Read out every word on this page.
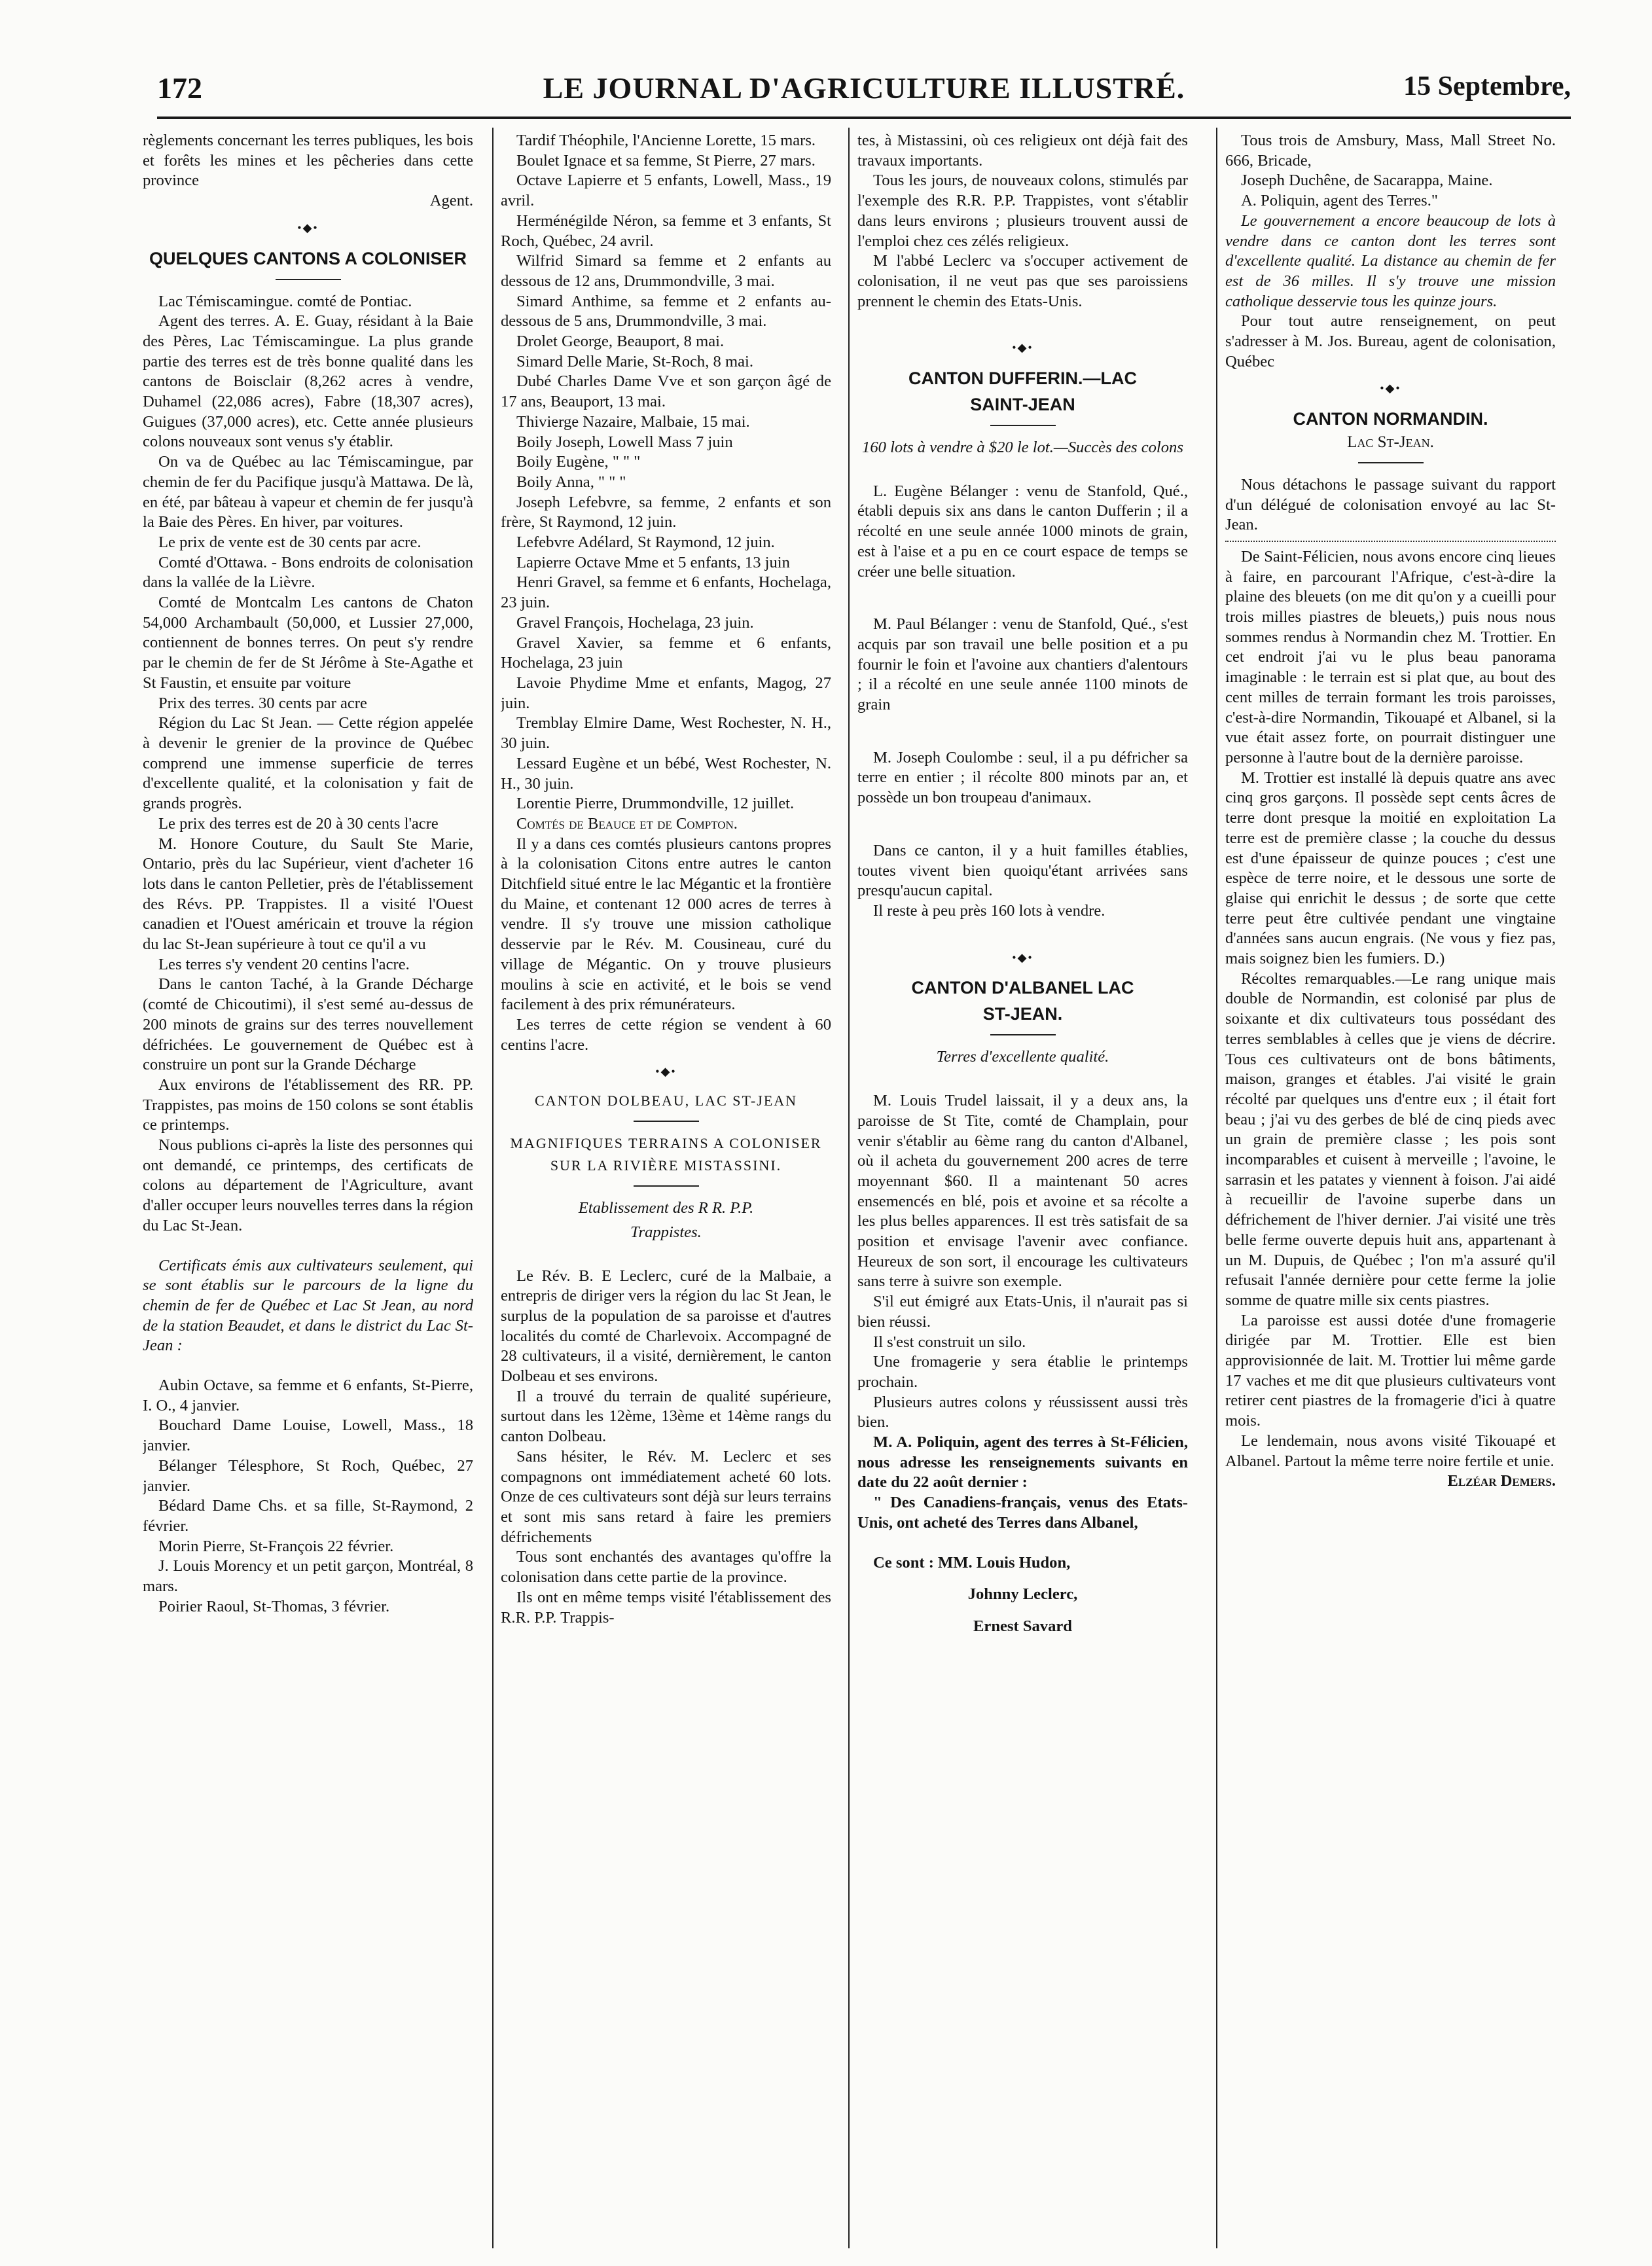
172	LE JOURNAL D'AGRICULTURE ILLUSTRÉ.	15 Septembre,

règlements concernant les terres publiques, les bois et forêts les mines et les pêcheries dans cette province

Agent.

•◆•
QUELQUES CANTONS A COLONISER

Lac Témiscamingue. comté de Pontiac.

Agent des terres. A. E. Guay, résidant à la Baie des Pères, Lac Témiscamingue. La plus grande partie des terres est de très bonne qualité dans les cantons de Boisclair (8,262 acres à vendre, Duhamel (22,086 acres), Fabre (18,307 acres), Guigues (37,000 acres), etc. Cette année plusieurs colons nouveaux sont venus s'y établir.

On va de Québec au lac Témiscamingue, par chemin de fer du Pacifique jusqu'à Mattawa. De là, en été, par bâteau à vapeur et chemin de fer jusqu'à la Baie des Pères. En hiver, par voitures.

Le prix de vente est de 30 cents par acre.

Comté d'Ottawa. - Bons endroits de colonisation dans la vallée de la Lièvre.

Comté de Montcalm Les cantons de Chaton 54,000 Archambault (50,000, et Lussier 27,000, contiennent de bonnes terres. On peut s'y rendre par le chemin de fer de St Jérôme à Ste-Agathe et St Faustin, et ensuite par voiture

Prix des terres. 30 cents par acre

Région du Lac St Jean. — Cette région appelée à devenir le grenier de la province de Québec comprend une immense superficie de terres d'excellente qualité, et la colonisation y fait de grands progrès.

Le prix des terres est de 20 à 30 cents l'acre

M. Honore Couture, du Sault Ste Marie, Ontario, près du lac Supérieur, vient d'acheter 16 lots dans le canton Pelletier, près de l'établissement des Révs. PP. Trappistes. Il a visité l'Ouest canadien et l'Ouest américain et trouve la région du lac St-Jean supérieure à tout ce qu'il a vu

Les terres s'y vendent 20 centins l'acre.

Dans le canton Taché, à la Grande Décharge (comté de Chicoutimi), il s'est semé au-dessus de 200 minots de grains sur des terres nouvellement défrichées. Le gouvernement de Québec est à construire un pont sur la Grande Décharge

Aux environs de l'établissement des RR. PP. Trappistes, pas moins de 150 colons se sont établis ce printemps.

Nous publions ci-après la liste des personnes qui ont demandé, ce printemps, des certificats de colons au département de l'Agriculture, avant d'aller occuper leurs nouvelles terres dans la région du Lac St-Jean.

Certificats émis aux cultivateurs seulement, qui se sont établis sur le parcours de la ligne du chemin de fer de Québec et Lac St Jean, au nord de la station Beaudet, et dans le district du Lac St-Jean :

Aubin Octave, sa femme et 6 enfants, St-Pierre, I. O., 4 janvier.

Bouchard Dame Louise, Lowell, Mass., 18 janvier.

Bélanger Télesphore, St Roch, Québec, 27 janvier.

Bédard Dame Chs. et sa fille, St-Raymond, 2 février.

Morin Pierre, St-François 22 février.

J. Louis Morency et un petit garçon, Montréal, 8 mars.

Poirier Raoul, St-Thomas, 3 février.

Tardif Théophile, l'Ancienne Lorette, 15 mars.

Boulet Ignace et sa femme, St Pierre, 27 mars.

Octave Lapierre et 5 enfants, Lowell, Mass., 19 avril.

Herménégilde Néron, sa femme et 3 enfants, St Roch, Québec, 24 avril.

Wilfrid Simard sa femme et 2 enfants au dessous de 12 ans, Drummondville, 3 mai.

Simard Anthime, sa femme et 2 enfants au-dessous de 5 ans, Drummondville, 3 mai.

Drolet George, Beauport, 8 mai.

Simard Delle Marie, St-Roch, 8 mai.

Dubé Charles Dame Vve et son garçon âgé de 17 ans, Beauport, 13 mai.

Thivierge Nazaire, Malbaie, 15 mai.

Boily Joseph, Lowell Mass 7 juin

Boily Eugène, " " "

Boily Anna, " " "

Joseph Lefebvre, sa femme, 2 enfants et son frère, St Raymond, 12 juin.

Lefebvre Adélard, St Raymond, 12 juin.

Lapierre Octave Mme et 5 enfants, 13 juin

Henri Gravel, sa femme et 6 enfants, Hochelaga, 23 juin.

Gravel François, Hochelaga, 23 juin.

Gravel Xavier, sa femme et 6 enfants, Hochelaga, 23 juin

Lavoie Phydime Mme et enfants, Magog, 27 juin.

Tremblay Elmire Dame, West Rochester, N. H., 30 juin.

Lessard Eugène et un bébé, West Rochester, N. H., 30 juin.

Lorentie Pierre, Drummondville, 12 juillet.

Comtés de Beauce et de Compton.

Il y a dans ces comtés plusieurs cantons propres à la colonisation Citons entre autres le canton Ditchfield situé entre le lac Mégantic et la frontière du Maine, et contenant 12 000 acres de terres à vendre. Il s'y trouve une mission catholique desservie par le Rév. M. Cousineau, curé du village de Mégantic. On y trouve plusieurs moulins à scie en activité, et le bois se vend facilement à des prix rémunérateurs.

Les terres de cette région se vendent à 60 centins l'acre.

•◆•
CANTON DOLBEAU, LAC ST-JEAN
MAGNIFIQUES TERRAINS A COLONISER
SUR LA RIVIÈRE MISTASSINI.
Etablissement des R R. P.P.
Trappistes.

Le Rév. B. E Leclerc, curé de la Malbaie, a entrepris de diriger vers la région du lac St Jean, le surplus de la population de sa paroisse et d'autres localités du comté de Charlevoix. Accompagné de 28 cultivateurs, il a visité, dernièrement, le canton Dolbeau et ses environs.

Il a trouvé du terrain de qualité supérieure, surtout dans les 12ème, 13ème et 14ème rangs du canton Dolbeau.

Sans hésiter, le Rév. M. Leclerc et ses compagnons ont immédiatement acheté 60 lots. Onze de ces cultivateurs sont déjà sur leurs terrains et sont mis sans retard à faire les premiers défrichements

Tous sont enchantés des avantages qu'offre la colonisation dans cette partie de la province.

Ils ont en même temps visité l'établissement des R.R. P.P. Trappis-

tes, à Mistassini, où ces religieux ont déjà fait des travaux importants.

Tous les jours, de nouveaux colons, stimulés par l'exemple des R.R. P.P. Trappistes, vont s'établir dans leurs environs ; plusieurs trouvent aussi de l'emploi chez ces zélés religieux.

M l'abbé Leclerc va s'occuper activement de colonisation, il ne veut pas que ses paroissiens prennent le chemin des Etats-Unis.

•◆•
CANTON DUFFERIN.—LAC
SAINT-JEAN
160 lots à vendre à $20 le lot.—Succès des colons

L. Eugène Bélanger : venu de Stanfold, Qué., établi depuis six ans dans le canton Dufferin ; il a récolté en une seule année 1000 minots de grain, est à l'aise et a pu en ce court espace de temps se créer une belle situation.

M. Paul Bélanger : venu de Stanfold, Qué., s'est acquis par son travail une belle position et a pu fournir le foin et l'avoine aux chantiers d'alentours ; il a récolté en une seule année 1100 minots de grain

M. Joseph Coulombe : seul, il a pu défricher sa terre en entier ; il récolte 800 minots par an, et possède un bon troupeau d'animaux.

Dans ce canton, il y a huit familles établies, toutes vivent bien quoiqu'étant arrivées sans presqu'aucun capital.

Il reste à peu près 160 lots à vendre.

•◆•
CANTON D'ALBANEL LAC
ST-JEAN.
Terres d'excellente qualité.

M. Louis Trudel laissait, il y a deux ans, la paroisse de St Tite, comté de Champlain, pour venir s'établir au 6ème rang du canton d'Albanel, où il acheta du gouvernement 200 acres de terre moyennant $60. Il a maintenant 50 acres ensemencés en blé, pois et avoine et sa récolte a les plus belles apparences. Il est très satisfait de sa position et envisage l'avenir avec confiance. Heureux de son sort, il encourage les cultivateurs sans terre à suivre son exemple.

S'il eut émigré aux Etats-Unis, il n'aurait pas si bien réussi.

Il s'est construit un silo.

Une fromagerie y sera établie le printemps prochain.

Plusieurs autres colons y réussissent aussi très bien.

M. A. Poliquin, agent des terres à St-Félicien, nous adresse les renseignements suivants en date du 22 août dernier :

" Des Canadiens-français, venus des Etats-Unis, ont acheté des Terres dans Albanel,

Ce sont : MM. Louis Hudon,

Johnny Leclerc,

Ernest Savard

Tous trois de Amsbury, Mass, Mall Street No. 666, Bricade,

Joseph Duchêne, de Sacarappa, Maine.

A. Poliquin, agent des Terres."

Le gouvernement a encore beaucoup de lots à vendre dans ce canton dont les terres sont d'excellente qualité. La distance au chemin de fer est de 36 milles. Il s'y trouve une mission catholique desservie tous les quinze jours.

Pour tout autre renseignement, on peut s'adresser à M. Jos. Bureau, agent de colonisation, Québec

•◆•
CANTON NORMANDIN.
Lac St-Jean.

Nous détachons le passage suivant du rapport d'un délégué de colonisation envoyé au lac St-Jean.

De Saint-Félicien, nous avons encore cinq lieues à faire, en parcourant l'Afrique, c'est-à-dire la plaine des bleuets (on me dit qu'on y a cueilli pour trois milles piastres de bleuets,) puis nous nous sommes rendus à Normandin chez M. Trottier. En cet endroit j'ai vu le plus beau panorama imaginable : le terrain est si plat que, au bout des cent milles de terrain formant les trois paroisses, c'est-à-dire Normandin, Tikouapé et Albanel, si la vue était assez forte, on pourrait distinguer une personne à l'autre bout de la dernière paroisse.

M. Trottier est installé là depuis quatre ans avec cinq gros garçons. Il possède sept cents âcres de terre dont presque la moitié en exploitation La terre est de première classe ; la couche du dessus est d'une épaisseur de quinze pouces ; c'est une espèce de terre noire, et le dessous une sorte de glaise qui enrichit le dessus ; de sorte que cette terre peut être cultivée pendant une vingtaine d'années sans aucun engrais. (Ne vous y fiez pas, mais soignez bien les fumiers. D.)

Récoltes remarquables.—Le rang unique mais double de Normandin, est colonisé par plus de soixante et dix cultivateurs tous possédant des terres semblables à celles que je viens de décrire. Tous ces cultivateurs ont de bons bâtiments, maison, granges et étables. J'ai visité le grain récolté par quelques uns d'entre eux ; il était fort beau ; j'ai vu des gerbes de blé de cinq pieds avec un grain de première classe ; les pois sont incomparables et cuisent à merveille ; l'avoine, le sarrasin et les patates y viennent à foison. J'ai aidé à recueillir de l'avoine superbe dans un défrichement de l'hiver dernier. J'ai visité une très belle ferme ouverte depuis huit ans, appartenant à un M. Dupuis, de Québec ; l'on m'a assuré qu'il refusait l'année dernière pour cette ferme la jolie somme de quatre mille six cents piastres.

La paroisse est aussi dotée d'une fromagerie dirigée par M. Trottier. Elle est bien approvisionnée de lait. M. Trottier lui même garde 17 vaches et me dit que plusieurs cultivateurs vont retirer cent piastres de la fromagerie d'ici à quatre mois.

Le lendemain, nous avons visité Tikouapé et Albanel. Partout la même terre noire fertile et unie.

Elzéar Demers.
